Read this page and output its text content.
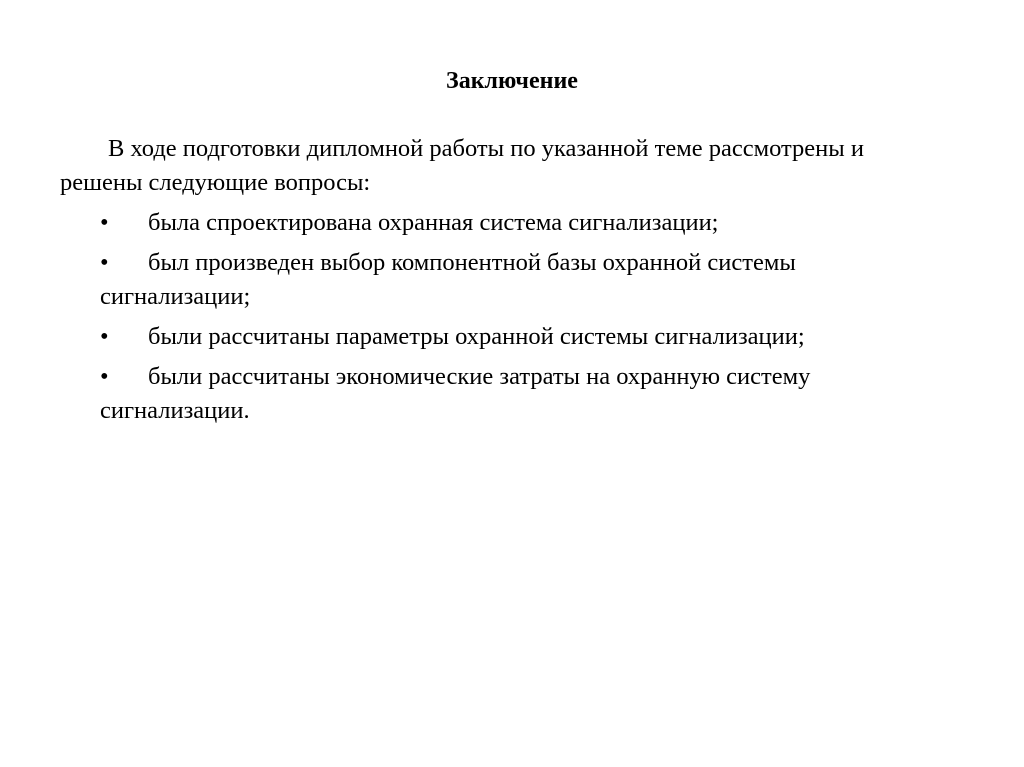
Заключение

В ходе подготовки дипломной работы по указанной теме рассмотрены и решены следующие вопросы:

•	была спроектирована охранная система сигнализации;
•	был произведен выбор компонентной базы охранной системы сигнализации;
•	были рассчитаны параметры охранной системы сигнализации;
•	были рассчитаны экономические затраты на охранную систему сигнализации.
